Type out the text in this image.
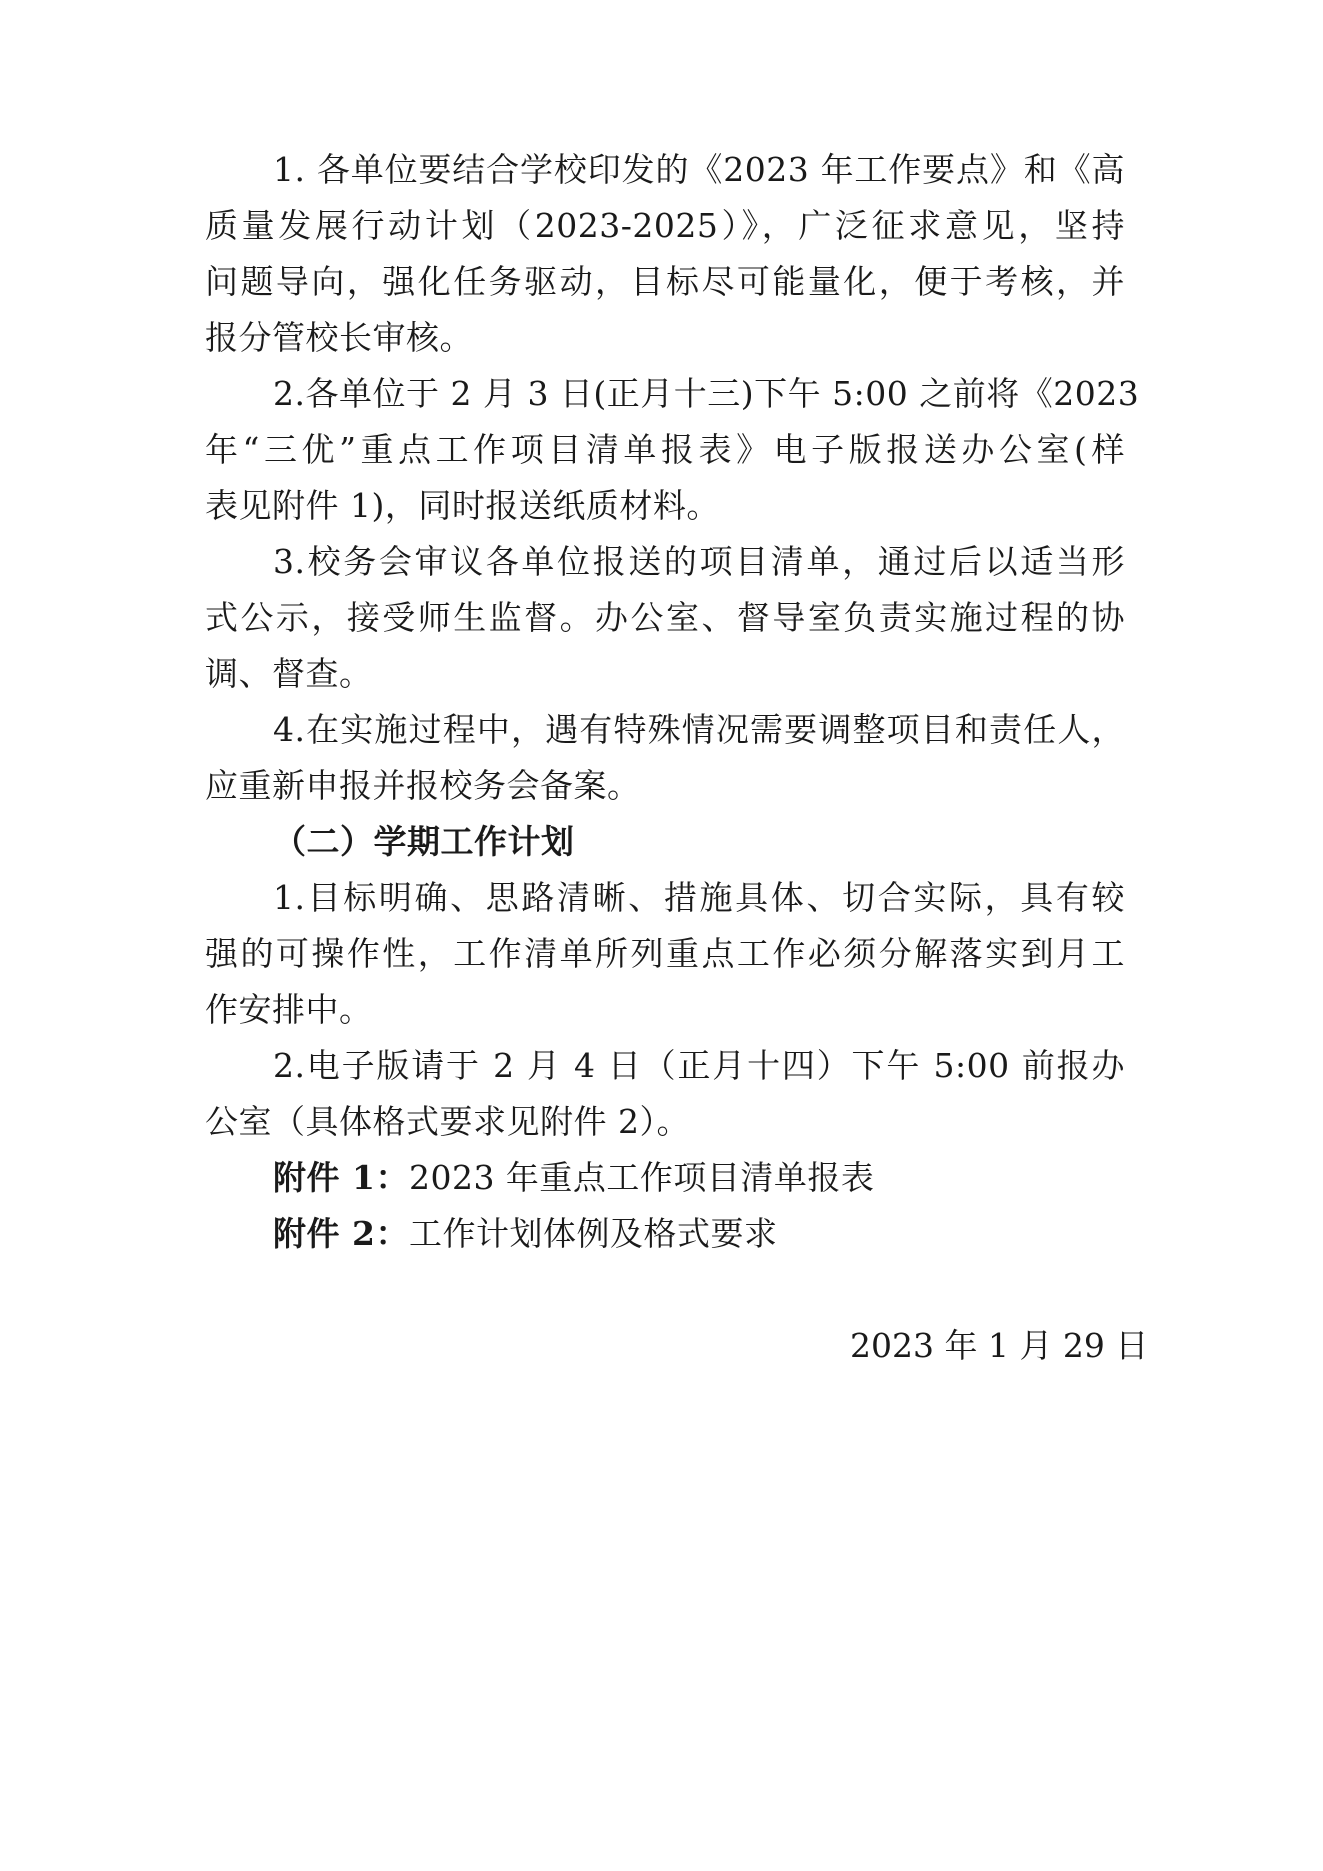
1. 各单位要结合学校印发的《2023 年工作要点》和《高
质量发展行动计划（2023-2025）》，广泛征求意见，坚持
问题导向，强化任务驱动，目标尽可能量化，便于考核，并
报分管校长审核。
2.各单位于 2 月 3 日(正月十三)下午 5:00 之前将《2023
年“三优”重点工作项目清单报表》电子版报送办公室(样
表见附件 1)，同时报送纸质材料。
3.校务会审议各单位报送的项目清单，通过后以适当形
式公示，接受师生监督。办公室、督导室负责实施过程的协
调、督查。
4.在实施过程中，遇有特殊情况需要调整项目和责任人，
应重新申报并报校务会备案。
（二）学期工作计划
1.目标明确、思路清晰、措施具体、切合实际，具有较
强的可操作性，工作清单所列重点工作必须分解落实到月工
作安排中。
2.电子版请于 2 月 4 日（正月十四）下午 5:00 前报办
公室（具体格式要求见附件 2）。
附件 1：2023 年重点工作项目清单报表
附件 2：工作计划体例及格式要求
2023 年 1 月 29 日
